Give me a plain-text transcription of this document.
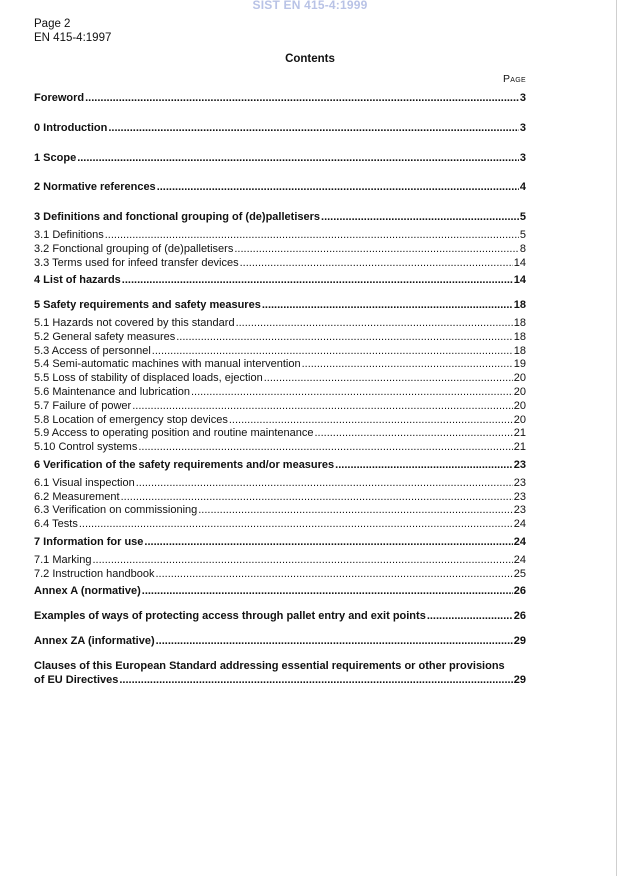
SIST EN 415-4:1999
Page 2
EN 415-4:1997
Contents
Page
Foreword .....	3
0 Introduction .....	3
1 Scope .....	3
2 Normative references .....	4
3 Definitions and fonctional grouping of (de)palletisers .....	5
3.1 Definitions .....	5
3.2 Fonctional grouping of (de)palletisers .....	8
3.3 Terms used for infeed transfer devices .....	14
4 List of hazards .....	14
5 Safety requirements and safety measures .....	18
5.1 Hazards not covered by this standard .....	18
5.2 General safety measures .....	18
5.3 Access of personnel .....	18
5.4 Semi-automatic machines with manual intervention .....	19
5.5 Loss of stability of displaced loads, ejection .....	20
5.6 Maintenance and lubrication .....	20
5.7 Failure of power .....	20
5.8 Location of emergency stop devices .....	20
5.9 Access to operating position and routine maintenance .....	21
5.10 Control systems .....	21
6 Verification of the safety requirements and/or measures .....	23
6.1 Visual inspection .....	23
6.2 Measurement .....	23
6.3 Verification on commissioning .....	23
6.4 Tests .....	24
7 Information for use .....	24
7.1 Marking .....	24
7.2 Instruction handbook .....	25
Annex A (normative) .....	26
Examples of ways of protecting access through pallet entry and exit points .....	26
Annex ZA (informative) .....	29
Clauses of this European Standard addressing essential requirements or other provisions
of EU Directives .....	29
